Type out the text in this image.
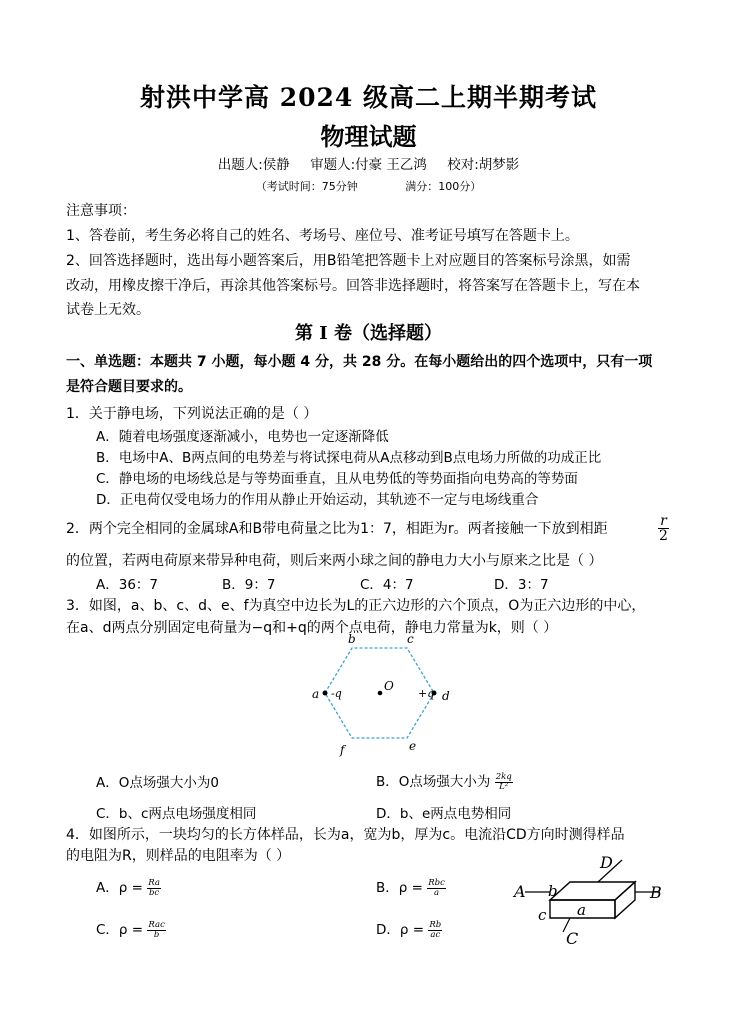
射洪中学高 2024 级高二上期半期考试
物理试题
出题人:侯静 审题人:付豪 王乙鸿 校对:胡梦影
（考试时间：75分钟	满分：100分）
注意事项：
1、答卷前，考生务必将自己的姓名、考场号、座位号、准考证号填写在答题卡上。
2、回答选择题时，选出每小题答案后，用B铅笔把答题卡上对应题目的答案标号涂黑，如需
改动，用橡皮擦干净后，再涂其他答案标号。回答非选择题时，将答案写在答题卡上，写在本
试卷上无效。
第 I 卷（选择题）
一、单选题：本题共 7 小题，每小题 4 分，共 28 分。在每小题给出的四个选项中，只有一项
是符合题目要求的。
1．关于静电场，下列说法正确的是（ ）
A．随着电场强度逐渐减小，电势也一定逐渐降低
B．电场中A、B两点间的电势差与将试探电荷从A点移动到B点电场力所做的功成正比
C．静电场的电场线总是与等势面垂直，且从电势低的等势面指向电势高的等势面
D．正电荷仅受电场力的作用从静止开始运动，其轨迹不一定与电场线重合
2．两个完全相同的金属球A和B带电荷量之比为1：7，相距为r。两者接触一下放到相距	$\frac{r}{2}$
的位置，若两电荷原来带异种电荷，则后来两小球之间的静电力大小与原来之比是（ ）
A．36：7	B．9：7	C．4：7	D．3：7
3．如图，a、b、c、d、e、f为真空中边长为L的正六边形的六个顶点，O为正六边形的中心，
在a、d两点分别固定电荷量为−q和+q的两个点电荷，静电力常量为k，则（ ）
b	c
a -q
O
+q d
f	e
A．O点场强大小为0	B．O点场强大小为 $\frac{2kq}{\text{L²}}$
C．b、c两点电场强度相同	D．b、e两点电势相同
4．如图所示，一块均匀的长方体样品，长为a，宽为b，厚为c。电流沿CD方向时测得样品
的电阻为R，则样品的电阻率为（ ）
A．$\rho = \frac{Ra}{bc}$	B．$\rho = \frac{\text{Rbc}}{a}$
C．$\rho = \frac{\text{Rac}}{b}$	D．$\rho = \frac{Rb}{ac}$
A	B
D
C
b
a
c
